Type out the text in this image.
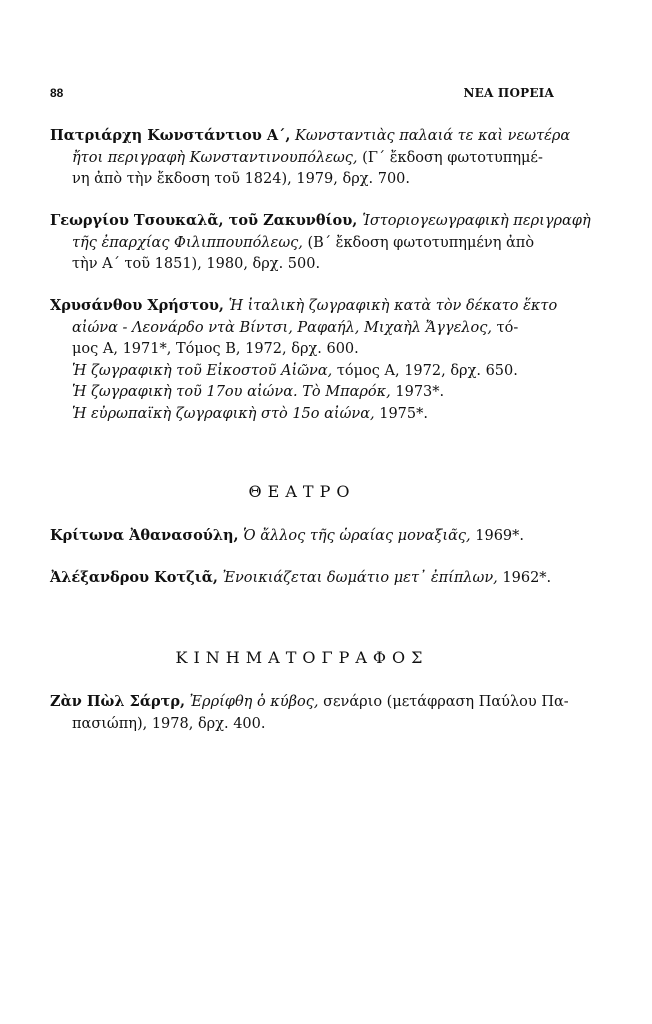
88	ΝΕΑ ΠΟΡΕΙΑ
Πατριάρχη Κωνστάντιου Α΄, Κωνσταντιὰς παλαιά τε καὶ νεωτέρα
ἤτοι περιγραφὴ Κωνσταντινουπόλεως, (Γ΄ ἔκδοση φωτοτυπημέ-
νη ἀπὸ τὴν ἔκδοση τοῦ 1824), 1979, δρχ. 700.
Γεωργίου Τσουκαλᾶ, τοῦ Ζακυνθίου, Ἱστοριογεωγραφικὴ περιγραφὴ
τῆς ἐπαρχίας Φιλιππουπόλεως, (Β΄ ἔκδοση φωτοτυπημένη ἀπὸ
τὴν Α΄ τοῦ 1851), 1980, δρχ. 500.
Χρυσάνθου Χρήστου, Ἡ ἰταλικὴ ζωγραφικὴ κατὰ τὸν δέκατο ἕκτο
αἰώνα - Λεονάρδο ντὰ Βίντσι, Ραφαήλ, Μιχαὴλ Ἄγγελος, τό-
μος Α, 1971*, Τόμος Β, 1972, δρχ. 600.
Ἡ ζωγραφικὴ τοῦ Εἰκοστοῦ Αἰῶνα, τόμος Α, 1972, δρχ. 650.
Ἡ ζωγραφικὴ τοῦ 17ου αἰώνα. Τὸ Μπαρόκ, 1973*.
Ἡ εὐρωπαϊκὴ ζωγραφικὴ στὸ 15ο αἰώνα, 1975*.
ΘΕΑΤΡΟ
Κρίτωνα Ἀθανασούλη, Ὁ ἄλλος τῆς ὡραίας μοναξιᾶς, 1969*.
Ἀλέξανδρου Κοτζιᾶ, Ἐνοικιάζεται δωμάτιο μετ᾽ ἐπίπλων, 1962*.
ΚΙΝΗΜΑΤΟΓΡΑΦΟΣ
Ζὰν Πὼλ Σάρτρ, Ἐρρίφθη ὁ κύβος, σενάριο (μετάφραση Παύλου Πα-
πασιώπη), 1978, δρχ. 400.
